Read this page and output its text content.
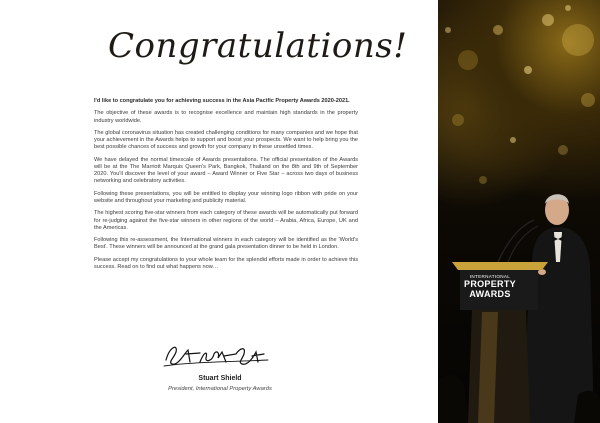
Congratulations!

I'd like to congratulate you for achieving success in the Asia Pacific Property Awards 2020-2021.

The objective of these awards is to recognise excellence and maintain high standards in the property industry worldwide.

The global coronavirus situation has created challenging conditions for many companies and we hope that your achievement in the Awards helps to support and boost your prospects. We want to help bring you the best possible chances of success and growth for your company in these unsettled times.

We have delayed the normal timescale of Awards presentations. The official presentation of the Awards will be at the The Marriott Marquis Queen's Park, Bangkok, Thailand on the 8th and 9th of September 2020. You'll discover the level of your award – Award Winner or Five Star – across two days of business networking and celebratory activities.

Following these presentations, you will be entitled to display your winning logo ribbon with pride on your website and throughout your marketing and publicity material.

The highest scoring five-star winners from each category of these awards will be automatically put forward for re-judging against the five-star winners in other regions of the world – Arabia, Africa, Europe, UK and the Americas.

Following this re-assessment, the International winners in each category will be identified as the 'World's Best'. These winners will be announced at the grand gala presentation dinner to be held in London.

Please accept my congratulations to your whole team for the splendid efforts made in order to achieve this success. Read on to find out what happens now…

Stuart Shield
President, International Property Awards
INTERNATIONAL
PROPERTY
AWARDS
